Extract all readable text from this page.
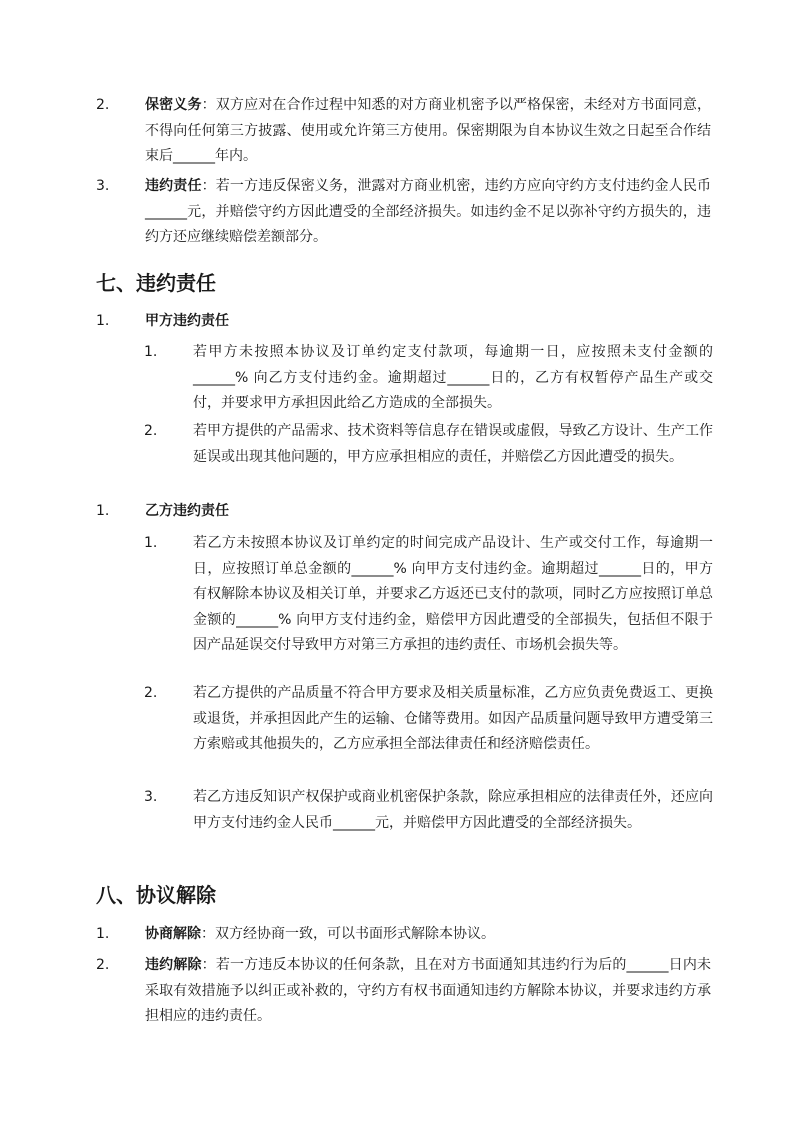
2.	保密义务：双方应对在合作过程中知悉的对方商业机密予以严格保密，未经对方书面同意，不得向任何第三方披露、使用或允许第三方使用。保密期限为自本协议生效之日起至合作结束后______年内。
3.	违约责任：若一方违反保密义务，泄露对方商业机密，违约方应向守约方支付违约金人民币______元，并赔偿守约方因此遭受的全部经济损失。如违约金不足以弥补守约方损失的，违约方还应继续赔偿差额部分。
七、违约责任
1.	甲方违约责任
1.	若甲方未按照本协议及订单约定支付款项，每逾期一日，应按照未支付金额的______% 向乙方支付违约金。逾期超过______日的，乙方有权暂停产品生产或交付，并要求甲方承担因此给乙方造成的全部损失。
2.	若甲方提供的产品需求、技术资料等信息存在错误或虚假，导致乙方设计、生产工作延误或出现其他问题的，甲方应承担相应的责任，并赔偿乙方因此遭受的损失。
1.	乙方违约责任
1.	若乙方未按照本协议及订单约定的时间完成产品设计、生产或交付工作，每逾期一日，应按照订单总金额的______% 向甲方支付违约金。逾期超过______日的，甲方有权解除本协议及相关订单，并要求乙方返还已支付的款项，同时乙方应按照订单总金额的______% 向甲方支付违约金，赔偿甲方因此遭受的全部损失，包括但不限于因产品延误交付导致甲方对第三方承担的违约责任、市场机会损失等。
2.	若乙方提供的产品质量不符合甲方要求及相关质量标准，乙方应负责免费返工、更换或退货，并承担因此产生的运输、仓储等费用。如因产品质量问题导致甲方遭受第三方索赔或其他损失的，乙方应承担全部法律责任和经济赔偿责任。
3.	若乙方违反知识产权保护或商业机密保护条款，除应承担相应的法律责任外，还应向甲方支付违约金人民币______元，并赔偿甲方因此遭受的全部经济损失。
八、协议解除
1.	协商解除：双方经协商一致，可以书面形式解除本协议。
2.	违约解除：若一方违反本协议的任何条款，且在对方书面通知其违约行为后的______日内未采取有效措施予以纠正或补救的，守约方有权书面通知违约方解除本协议，并要求违约方承担相应的违约责任。
